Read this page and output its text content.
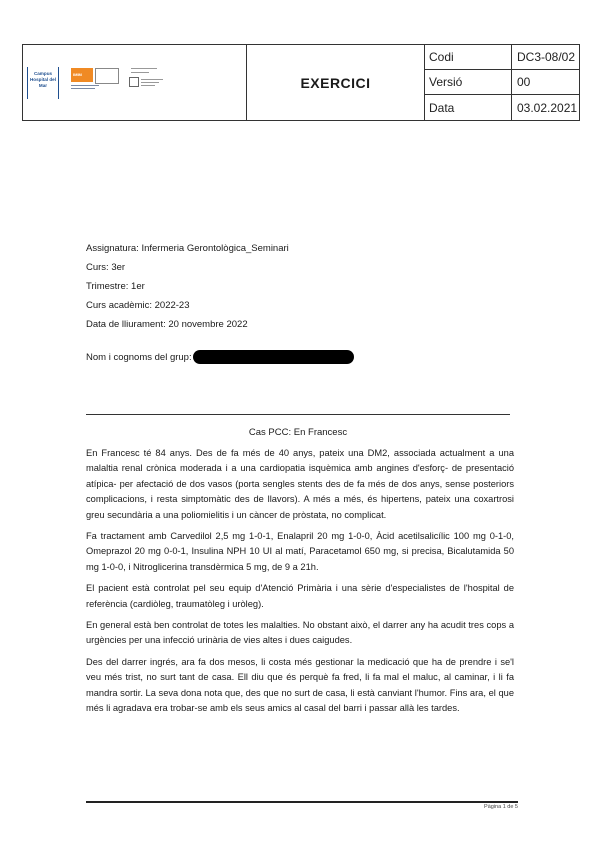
Campus Hospital del Mar
IMIM	EXERCICI	Codi	DC3-08/02
		Versió	00
		Data	03.02.2021
Assignatura: Infermeria Gerontològica_Seminari
Curs: 3er
Trimestre: 1er
Curs acadèmic: 2022-23
Data de lliurament: 20 novembre 2022
Nom i cognoms del grup:
Cas PCC: En Francesc

En Francesc té 84 anys. Des de fa més de 40 anys, pateix una DM2, associada actualment a una malaltia renal crònica moderada i a una cardiopatia isquèmica amb angines d'esforç- de presentació atípica- per afectació de dos vasos (porta sengles stents des de fa més de dos anys, sense posteriors complicacions, i resta simptomàtic des de llavors). A més a més, és hipertens, pateix una coxartrosi greu secundària a una poliomielitis i un càncer de pròstata, no complicat.

Fa tractament amb Carvedilol 2,5 mg 1-0-1, Enalapril 20 mg 1-0-0, Àcid acetilsalicílic 100 mg 0-1-0, Omeprazol 20 mg 0-0-1, Insulina NPH 10 UI al matí, Paracetamol 650 mg, si precisa, Bicalutamida 50 mg 1-0-0, i Nitroglicerina transdèrmica 5 mg, de 9 a 21h.

El pacient està controlat pel seu equip d'Atenció Primària i una sèrie d'especialistes de l'hospital de referència (cardiòleg, traumatòleg i uròleg).

En general està ben controlat de totes les malalties. No obstant això, el darrer any ha acudit tres cops a urgències per una infecció urinària de vies altes i dues caigudes.

Des del darrer ingrés, ara fa dos mesos, li costa més gestionar la medicació que ha de prendre i se'l veu més trist, no surt tant de casa. Ell diu que és perquè fa fred, li fa mal el maluc, al caminar, i li fa mandra sortir. La seva dona nota que, des que no surt de casa, li està canviant l'humor. Fins ara, el que més li agradava era trobar-se amb els seus amics al casal del barri i passar allà les tardes.

Pàgina 1 de 5
